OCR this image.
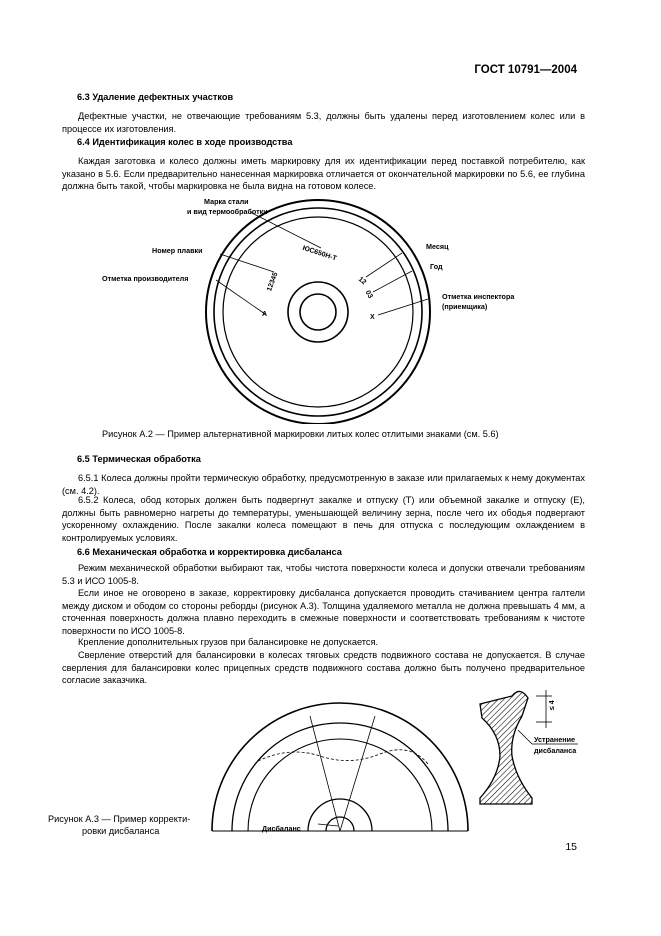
ГОСТ 10791—2004
6.3 Удаление дефектных участков
Дефектные участки, не отвечающие требованиям 5.3, должны быть удалены перед изготовлением колес или в процессе их изготовления.
6.4 Идентификация колес в ходе производства
Каждая заготовка и колесо должны иметь маркировку для их идентификации перед поставкой потребителю, как указано в 5.6. Если предварительно нанесенная маркировка отличается от окончательной маркировки по 5.6, ее глубина должна быть такой, чтобы маркировка не была видна на готовом колесе.
Марка стали
и вид термообработки
Номер плавки
Отметка производителя
Месяц
Год
Отметка инспектора
(приемщика)
ЮС650Н-Т
12345
А
12
03
Х
Рисунок А.2 — Пример альтернативной маркировки литых колес отлитыми знаками (см. 5.6)
6.5 Термическая обработка
6.5.1 Колеса должны пройти термическую обработку, предусмотренную в заказе или прилагаемых к нему документах (см. 4.2).
6.5.2 Колеса, обод которых должен быть подвергнут закалке и отпуску (Т) или объемной закалке и отпуску (Е), должны быть равномерно нагреты до температуры, уменьшающей величину зерна, после чего их ободья подвергают ускоренному охлаждению. После закалки колеса помещают в печь для отпуска с последующим охлаждением в контролируемых условиях.
6.6 Механическая обработка и корректировка дисбаланса
Режим механической обработки выбирают так, чтобы чистота поверхности колеса и допуски отвечали требованиям 5.3 и ИСО 1005-8.
Если иное не оговорено в заказе, корректировку дисбаланса допускается проводить стачиванием центра галтели между диском и ободом со стороны реборды (рисунок А.3). Толщина удаляемого металла не должна превышать 4 мм, а сточенная поверхность должна плавно переходить в смежные поверхности и соответствовать требованиям к чистоте поверхности по ИСО 1005-8.
Крепление дополнительных грузов при балансировке не допускается.
Сверление отверстий для балансировки в колесах тяговых средств подвижного состава не допускается. В случае сверления для балансировки колес прицепных средств подвижного состава должно быть получено предварительное согласие заказчика.
Дисбаланс
≤ 4
Устранение
дисбаланса
Рисунок А.3 — Пример корректи-
ровки дисбаланса
15
